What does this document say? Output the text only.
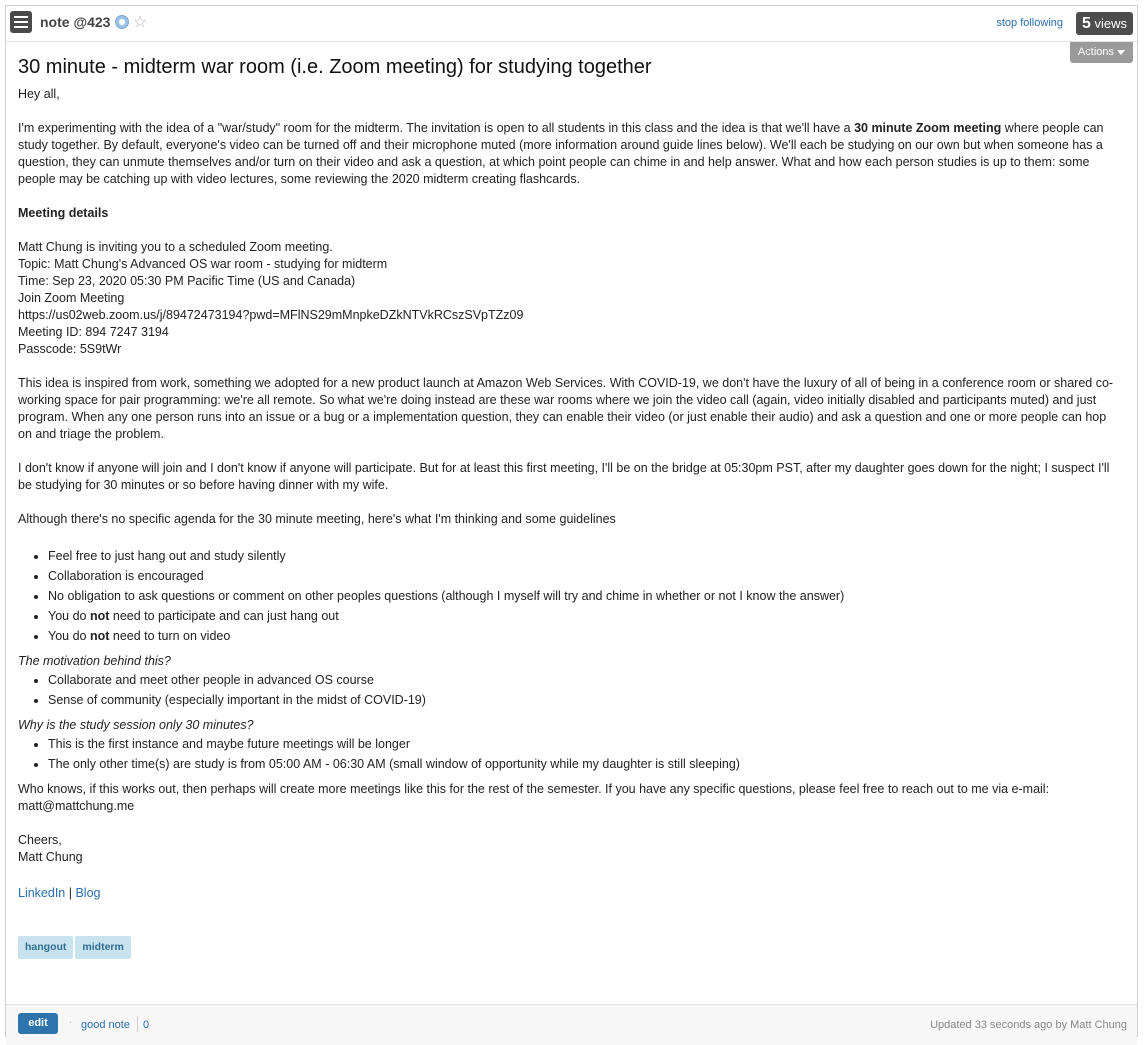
note @423 ☆	stop following	5 views
Actions
30 minute - midterm war room (i.e. Zoom meeting) for studying together

Hey all,

I'm experimenting with the idea of a "war/study" room for the midterm. The invitation is open to all students in this class and the idea is that we'll have a 30 minute Zoom meeting where people can study together. By default, everyone's video can be turned off and their microphone muted (more information around guide lines below). We'll each be studying on our own but when someone has a question, they can unmute themselves and/or turn on their video and ask a question, at which point people can chime in and help answer. What and how each person studies is up to them: some people may be catching up with video lectures, some reviewing the 2020 midterm creating flashcards.

Meeting details

Matt Chung is inviting you to a scheduled Zoom meeting.

Topic: Matt Chung's Advanced OS war room - studying for midterm

Time: Sep 23, 2020 05:30 PM Pacific Time (US and Canada)

Join Zoom Meeting

https://us02web.zoom.us/j/89472473194?pwd=MFlNS29mMnpkeDZkNTVkRCszSVpTZz09

Meeting ID: 894 7247 3194

Passcode: 5S9tWr

This idea is inspired from work, something we adopted for a new product launch at Amazon Web Services. With COVID-19, we don't have the luxury of all of being in a conference room or shared co-working space for pair programming: we're all remote. So what we're doing instead are these war rooms where we join the video call (again, video initially disabled and participants muted) and just program. When any one person runs into an issue or a bug or a implementation question, they can enable their video (or just enable their audio) and ask a question and one or more people can hop on and triage the problem.

I don't know if anyone will join and I don't know if anyone will participate. But for at least this first meeting, I'll be on the bridge at 05:30pm PST, after my daughter goes down for the night; I suspect I'll be studying for 30 minutes or so before having dinner with my wife.

Although there's no specific agenda for the 30 minute meeting, here's what I'm thinking and some guidelines

• Feel free to just hang out and study silently
• Collaboration is encouraged
• No obligation to ask questions or comment on other peoples questions (although I myself will try and chime in whether or not I know the answer)
• You do not need to participate and can just hang out
• You do not need to turn on video

The motivation behind this?

• Collaborate and meet other people in advanced OS course
• Sense of community (especially important in the midst of COVID-19)

Why is the study session only 30 minutes?

• This is the first instance and maybe future meetings will be longer
• The only other time(s) are study is from 05:00 AM - 06:30 AM (small window of opportunity while my daughter is still sleeping)

Who knows, if this works out, then perhaps will create more meetings like this for the rest of the semester. If you have any specific questions, please feel free to reach out to me via e-mail: matt@mattchung.me

Cheers,

Matt Chung

LinkedIn | Blog

hangout midterm
edit	· good note 0	Updated 33 seconds ago by Matt Chung
